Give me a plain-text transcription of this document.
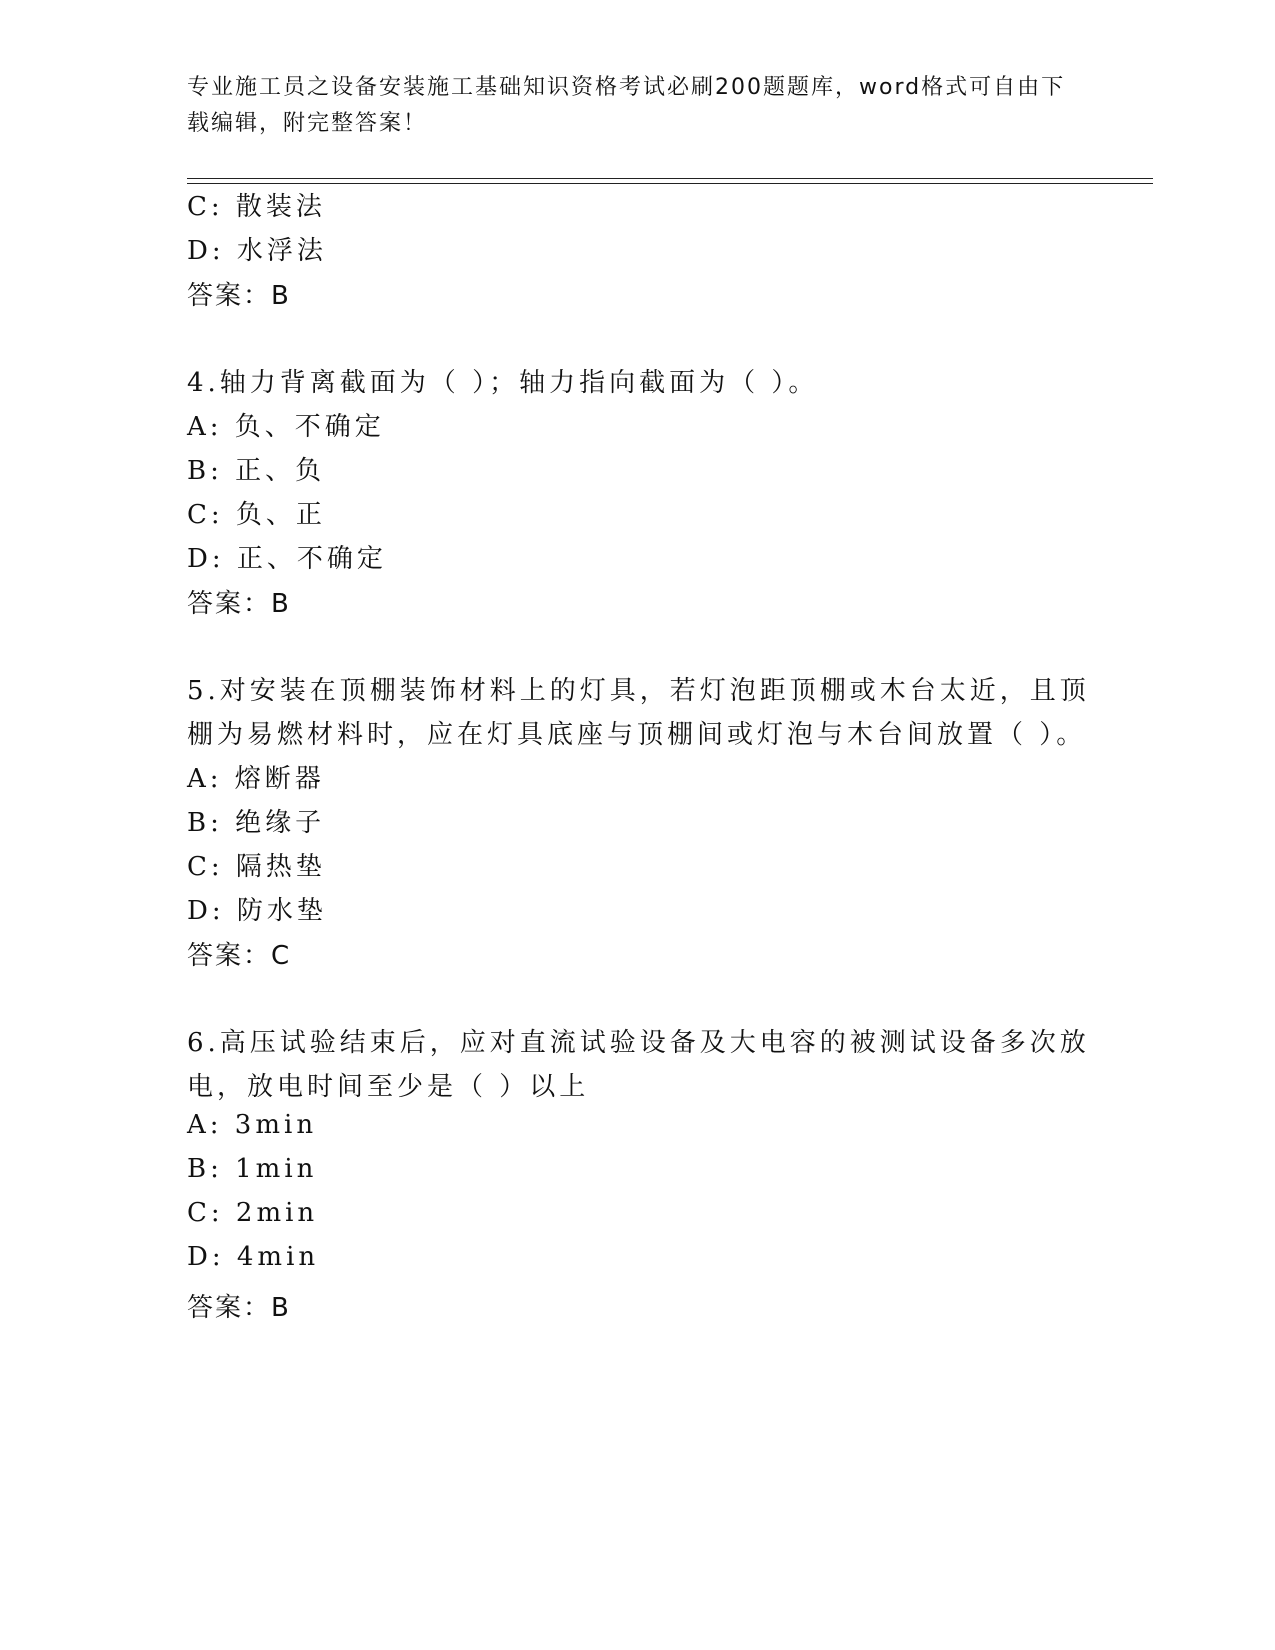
专业施工员之设备安装施工基础知识资格考试必刷200题题库，word格式可自由下载编辑，附完整答案！
C: 散装法
D: 水浮法
答案：B
4.轴力背离截面为（ ）；轴力指向截面为（ ）。
A: 负、不确定
B: 正、负
C: 负、正
D: 正、不确定
答案：B
5.对安装在顶棚装饰材料上的灯具，若灯泡距顶棚或木台太近，且顶
棚为易燃材料时，应在灯具底座与顶棚间或灯泡与木台间放置（ ）。
A: 熔断器
B: 绝缘子
C: 隔热垫
D: 防水垫
答案：C
6.高压试验结束后，应对直流试验设备及大电容的被测试设备多次放
电，放电时间至少是（ ）以上
A: 3min
B: 1min
C: 2min
D: 4min
答案：B
